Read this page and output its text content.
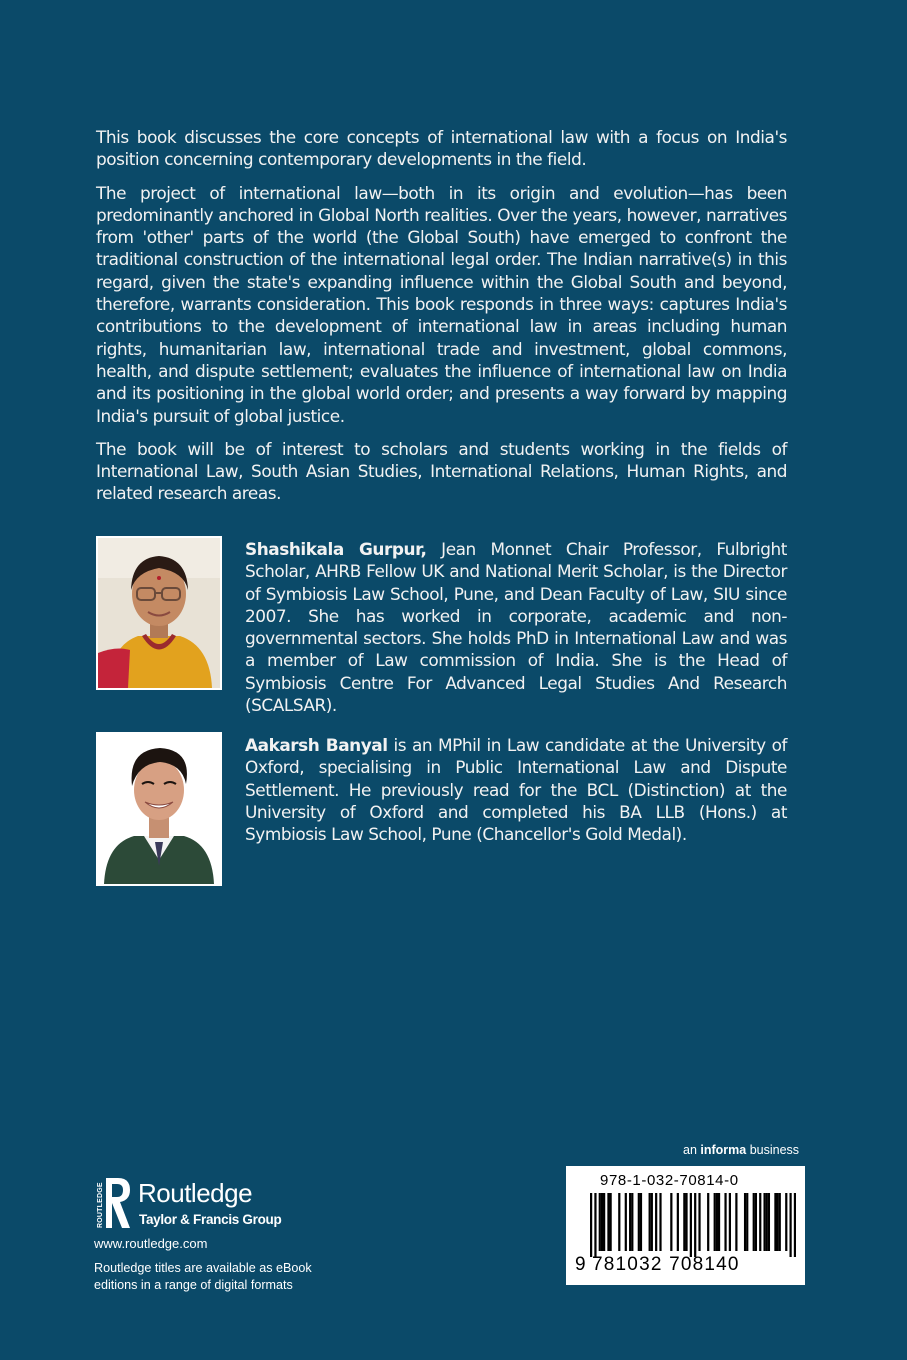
This book discusses the core concepts of international law with a focus on India's position concerning contemporary developments in the field.

The project of international law—both in its origin and evolution—has been predominantly anchored in Global North realities. Over the years, however, narratives from 'other' parts of the world (the Global South) have emerged to confront the traditional construction of the international legal order. The Indian narrative(s) in this regard, given the state's expanding influence within the Global South and beyond, therefore, warrants consideration. This book responds in three ways: captures India's contributions to the development of international law in areas including human rights, humanitarian law, international trade and investment, global commons, health, and dispute settlement; evaluates the influence of international law on India and its positioning in the global world order; and presents a way forward by mapping India's pursuit of global justice.

The book will be of interest to scholars and students working in the fields of International Law, South Asian Studies, International Relations, Human Rights, and related research areas.

Shashikala Gurpur, Jean Monnet Chair Professor, Fulbright Scholar, AHRB Fellow UK and National Merit Scholar, is the Director of Symbiosis Law School, Pune, and Dean Faculty of Law, SIU since 2007. She has worked in corporate, academic and non-governmental sectors. She holds PhD in International Law and was a member of Law commission of India. She is the Head of Symbiosis Centre For Advanced Legal Studies And Research (SCALSAR).
Aakarsh Banyal is an MPhil in Law candidate at the University of Oxford, specialising in Public International Law and Dispute Settlement. He previously read for the BCL (Distinction) at the University of Oxford and completed his BA LLB (Hons.) at Symbiosis Law School, Pune (Chancellor's Gold Medal).
an informa business
ROUTLEDGE Routledge
Taylor & Francis Group
www.routledge.com
Routledge titles are available as eBook editions in a range of digital formats
978-1-032-70814-0
9 781032 708140
